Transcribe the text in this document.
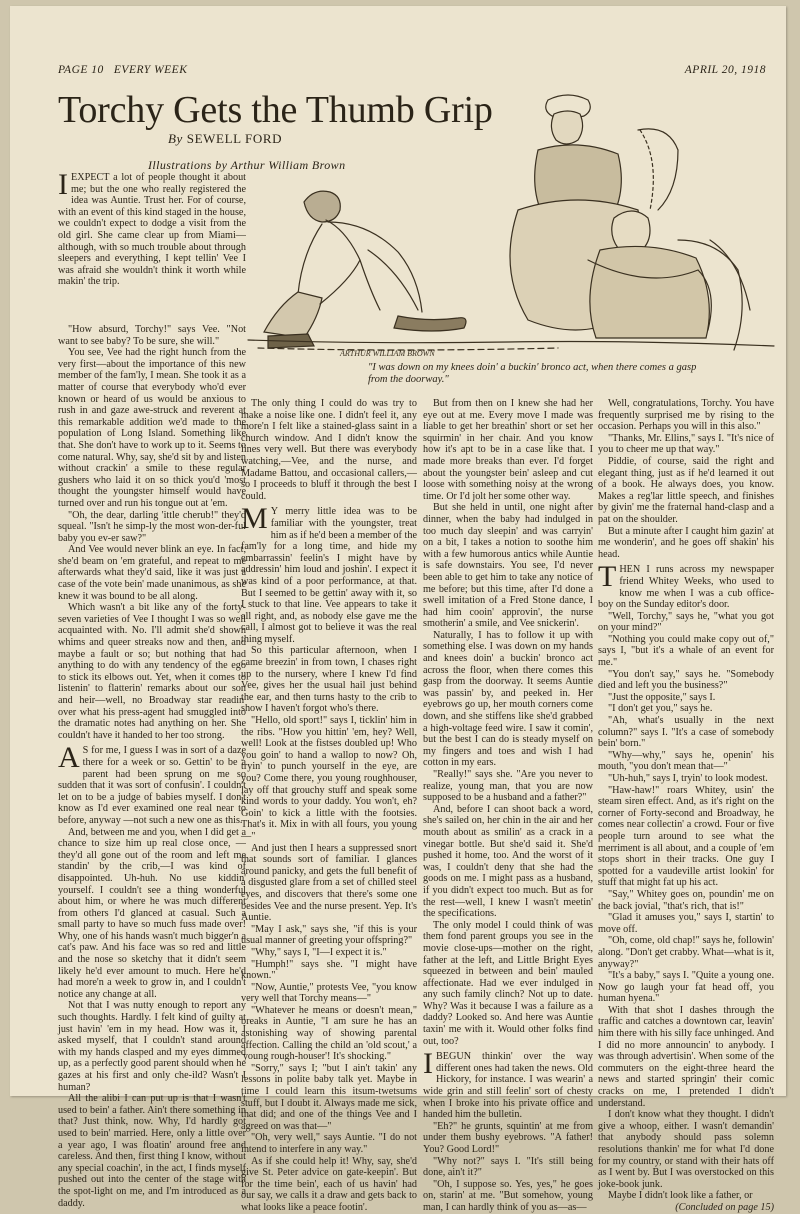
PAGE 10 EVERY WEEK	APRIL 20, 1918
Torchy Gets the Thumb Grip
By SEWELL FORD
Illustrations by Arthur William Brown
ARTHUR WILLIAM BROWN
"I was down on my knees doin' a buckin' bronco act, when there comes a gasp from the doorway."

IEXPECT a lot of people thought it about me; but the one who really registered the idea was Auntie. Trust her. For of course, with an event of this kind staged in the house, we couldn't expect to dodge a visit from the old girl. She came clear up from Miami—although, with so much trouble about through sleepers and everything, I kept tellin' Vee I was afraid she wouldn't think it worth while makin' the trip.

"How absurd, Torchy!" says Vee. "Not want to see baby? To be sure, she will."

You see, Vee had the right hunch from the very first—about the importance of this new member of the fam'ly, I mean. She took it as a matter of course that everybody who'd ever known or heard of us would be anxious to rush in and gaze awe-struck and reverent at this remarkable addition we'd made to the population of Long Island. Something like that. She don't have to work up to it. Seems to come natural. Why, say, she'd sit by and listen without crackin' a smile to these regular gushers who laid it on so thick you'd 'most thought the youngster himself would have turned over and run his tongue out at 'em.

"Oh, the dear, darling 'ittle cherub!" they'd squeal. "Isn't he simp-ly the most won-der-ful baby you ev-er saw?"

And Vee would never blink an eye. In fact, she'd beam on 'em grateful, and repeat to me afterwards what they'd said, like it was just a case of the vote bein' made unanimous, as she knew it was bound to be all along.

Which wasn't a bit like any of the forty-seven varieties of Vee I thought I was so well acquainted with. No. I'll admit she'd shown whims and queer streaks now and then, and maybe a fault or so; but nothing that had anything to do with any tendency of the ego to stick its elbows out. Yet, when it comes to listenin' to flatterin' remarks about our son and heir—well, no Broadway star readin' over what his press-agent had smuggled into the dramatic notes had anything on her. She couldn't have it handed to her too strong.

A S for me, I guess I was in sort of a daze there for a week or so. Gettin' to be a parent had been sprung on me so sudden that it was sort of confusin'. I couldn't let on to be a judge of babies myself. I don't know as I'd ever examined one real near to before, anyway —not such a new one as this.

And, between me and you, when I did get a chance to size him up real close once, —they'd all gone out of the room and left me standin' by the crib,—I was kind of disappointed. Uh-huh. No use kiddin' yourself. I couldn't see a thing wonderful about him, or where he was much different from others I'd glanced at casual. Such a small party to have so much fuss made over! Why, one of his hands wasn't much bigger'n a cat's paw. And his face was so red and little and the nose so sketchy that it didn't seem likely he'd ever amount to much. Here he'd had more'n a week to grow in, and I couldn't notice any change at all.

Not that I was nutty enough to report any such thoughts. Hardly. I felt kind of guilty at just havin' 'em in my head. How was it, I asked myself, that I couldn't stand around with my hands clasped and my eyes dimmed up, as a perfectly good parent should when he gazes at his first and only che-ild? Wasn't I human?

All the alibi I can put up is that I wasn't used to bein' a father. Ain't there something in that? Just think, now. Why, I'd hardly got used to bein' married. Here, only a little over a year ago, I was floatin' around free and careless. And then, first thing I know, without any special coachin', in the act, I finds myself pushed out into the center of the stage with the spot-light on me, and I'm introduced as a daddy.

The only thing I could do was try to make a noise like one. I didn't feel it, any more'n I felt like a stained-glass saint in a church window. And I didn't know the lines very well. But there was everybody watching,—Vee, and the nurse, and Madame Battou, and occasional callers,—so I proceeds to bluff it through the best I could.

M Y merry little idea was to be familiar with the youngster, treat him as if he'd been a member of the fam'ly for a long time, and hide my embarrassin' feelin's I might have by addressin' him loud and joshin'. I expect it was kind of a poor performance, at that. But I seemed to be gettin' away with it, so I stuck to that line. Vee appears to take it all right, and, as nobody else gave me the call, I almost got to believe it was the real thing myself.

So this particular afternoon, when I came breezin' in from town, I chases right up to the nursery, where I knew I'd find Vee, gives her the usual hail just behind the ear, and then turns hasty to the crib to show I haven't forgot who's there.

"Hello, old sport!" says I, ticklin' him in the ribs. "How you hittin' 'em, hey? Well, well! Look at the fistses doubled up! Who you goin' to hand a wallop to now? Oh, tryin' to punch yourself in the eye, are you? Come there, you young roughhouser, lay off that grouchy stuff and speak some kind words to your daddy. You won't, eh? Goin' to kick a little with the footsies. That's it. Mix in with all fours, you young—"

And just then I hears a suppressed snort that sounds sort of familiar. I glances around panicky, and gets the full benefit of a disgusted glare from a set of chilled steel eyes, and discovers that there's some one besides Vee and the nurse present. Yep. It's Auntie.

"May I ask," says she, "if this is your usual manner of greeting your offspring?"

"Why," says I, "I—I expect it is."

"Humph!" says she. "I might have known."

"Now, Auntie," protests Vee, "you know very well that Torchy means—"

"Whatever he means or doesn't mean," breaks in Auntie, "I am sure he has an astonishing way of showing parental affection. Calling the child an 'old scout,' a 'young rough-houser'! It's shocking."

"Sorry," says I; "but I ain't takin' any lessons in polite baby talk yet. Maybe in time I could learn this itsum-twetsums stuff, but I doubt it. Always made me sick, that did; and one of the things Vee and I agreed on was that—"

"Oh, very well," says Auntie. "I do not intend to interfere in any way."

As if she could help it! Why, say, she'd give St. Peter advice on gate-keepin'. But for the time bein', each of us havin' had our say, we calls it a draw and gets back to what looks like a peace footin'.

But from then on I knew she had her eye out at me. Every move I made was liable to get her breathin' short or set her squirmin' in her chair. And you know how it's apt to be in a case like that. I made more breaks than ever. I'd forget about the youngster bein' asleep and cut loose with something noisy at the wrong time. Or I'd jolt her some other way.

But she held in until, one night after dinner, when the baby had indulged in too much day sleepin' and was carryin' on a bit, I takes a notion to soothe him with a few humorous antics while Auntie is safe downstairs. You see, I'd never been able to get him to take any notice of me before; but this time, after I'd done a swell imitation of a Fred Stone dance, I had him cooin' approvin', the nurse smotherin' a smile, and Vee snickerin'.

Naturally, I has to follow it up with something else. I was down on my hands and knees doin' a buckin' bronco act across the floor, when there comes this gasp from the doorway. It seems Auntie was passin' by, and peeked in. Her eyebrows go up, her mouth corners come down, and she stiffens like she'd grabbed a high-voltage feed wire. I saw it comin', but the best I can do is steady myself on my fingers and toes and wish I had cotton in my ears.

"Really!" says she. "Are you never to realize, young man, that you are now supposed to be a husband and a father?"

And, before I can shoot back a word, she's sailed on, her chin in the air and her mouth about as smilin' as a crack in a vinegar bottle. But she'd said it. She'd pushed it home, too. And the worst of it was, I couldn't deny that she had the goods on me. I might pass as a husband, if you didn't expect too much. But as for the rest—well, I knew I wasn't meetin' the specifications.

The only model I could think of was them fond parent groups you see in the movie close-ups—mother on the right, father at the left, and Little Bright Eyes squeezed in between and bein' mauled affectionate. Had we ever indulged in any such family clinch? Not up to date. Why? Was it because I was a failure as a daddy? Looked so. And here was Auntie taxin' me with it. Would other folks find out, too?

IBEGUN thinkin' over the way different ones had taken the news. Old Hickory, for instance. I was wearin' a wide grin and still feelin' sort of chesty when I broke into his private office and handed him the bulletin.

"Eh?" he grunts, squintin' at me from under them bushy eyebrows. "A father! You? Good Lord!"

"Why not?" says I. "It's still being done, ain't it?"

"Oh, I suppose so. Yes, yes," he goes on, starin' at me. "But somehow, young man, I can hardly think of you as—as—

Well, congratulations, Torchy. You have frequently surprised me by rising to the occasion. Perhaps you will in this also."

"Thanks, Mr. Ellins," says I. "It's nice of you to cheer me up that way."

Piddie, of course, said the right and elegant thing, just as if he'd learned it out of a book. He always does, you know. Makes a reg'lar little speech, and finishes by givin' me the fraternal hand-clasp and a pat on the shoulder.

But a minute after I caught him gazin' at me wonderin', and he goes off shakin' his head.

THEN I runs across my newspaper friend Whitey Weeks, who used to know me when I was a cub office-boy on the Sunday editor's door.

"Well, Torchy," says he, "what you got on your mind?"

"Nothing you could make copy out of," says I, "but it's a whale of an event for me."

"You don't say," says he. "Somebody died and left you the business?"

"Just the opposite," says I.

"I don't get you," says he.

"Ah, what's usually in the next column?" says I. "It's a case of somebody bein' born."

"Why—why," says he, openin' his mouth, "you don't mean that—"

"Uh-huh," says I, tryin' to look modest.

"Haw-haw!" roars Whitey, usin' the steam siren effect. And, as it's right on the corner of Forty-second and Broadway, he comes near collectin' a crowd. Four or five people turn around to see what the merriment is all about, and a couple of 'em stops short in their tracks. One guy I spotted for a vaudeville artist lookin' for stuff that might fat up his act.

"Say," Whitey goes on, poundin' me on the back jovial, "that's rich, that is!"

"Glad it amuses you," says I, startin' to move off.

"Oh, come, old chap!" says he, followin' along. "Don't get crabby. What—what is it, anyway?"

"It's a baby," says I. "Quite a young one. Now go laugh your fat head off, you human hyena."

With that shot I dashes through the traffic and catches a downtown car, leavin' him there with his silly face unhinged. And I did no more announcin' to anybody. I was through advertisin'. When some of the commuters on the eight-three heard the news and started springin' their comic cracks on me, I pretended I didn't understand.

I don't know what they thought. I didn't give a whoop, either. I wasn't demandin' that anybody should pass solemn resolutions thankin' me for what I'd done for my country, or stand with their hats off as I went by. But I was overstocked on this joke-book junk.

Maybe I didn't look like a father, or

(Concluded on page 15)
